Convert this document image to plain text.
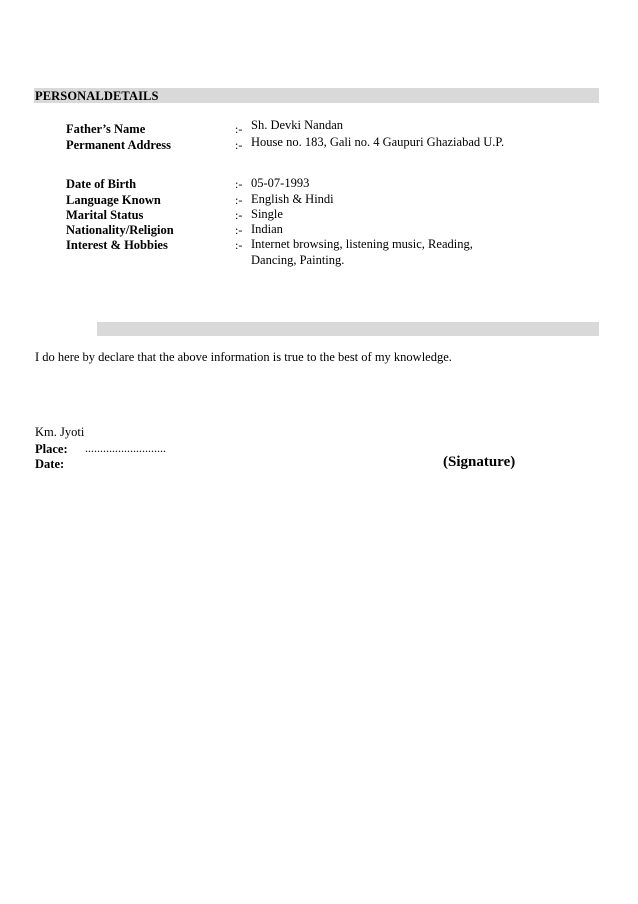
PERSONALDETAILS
Father’s Name	:- Sh. Devki Nandan
Permanent Address	:- House no. 183, Gali no. 4 Gaupuri Ghaziabad U.P.
Date of Birth	:- 05-07-1993
Language Known	:- English & Hindi
Marital Status	:- Single
Nationality/Religion	:- Indian
Interest & Hobbies	:- Internet browsing, listening music, Reading,
Dancing, Painting.
I do here by declare that the above information is true to the best of my knowledge.
Km. Jyoti
Place: ...........................
Date:	(Signature)
